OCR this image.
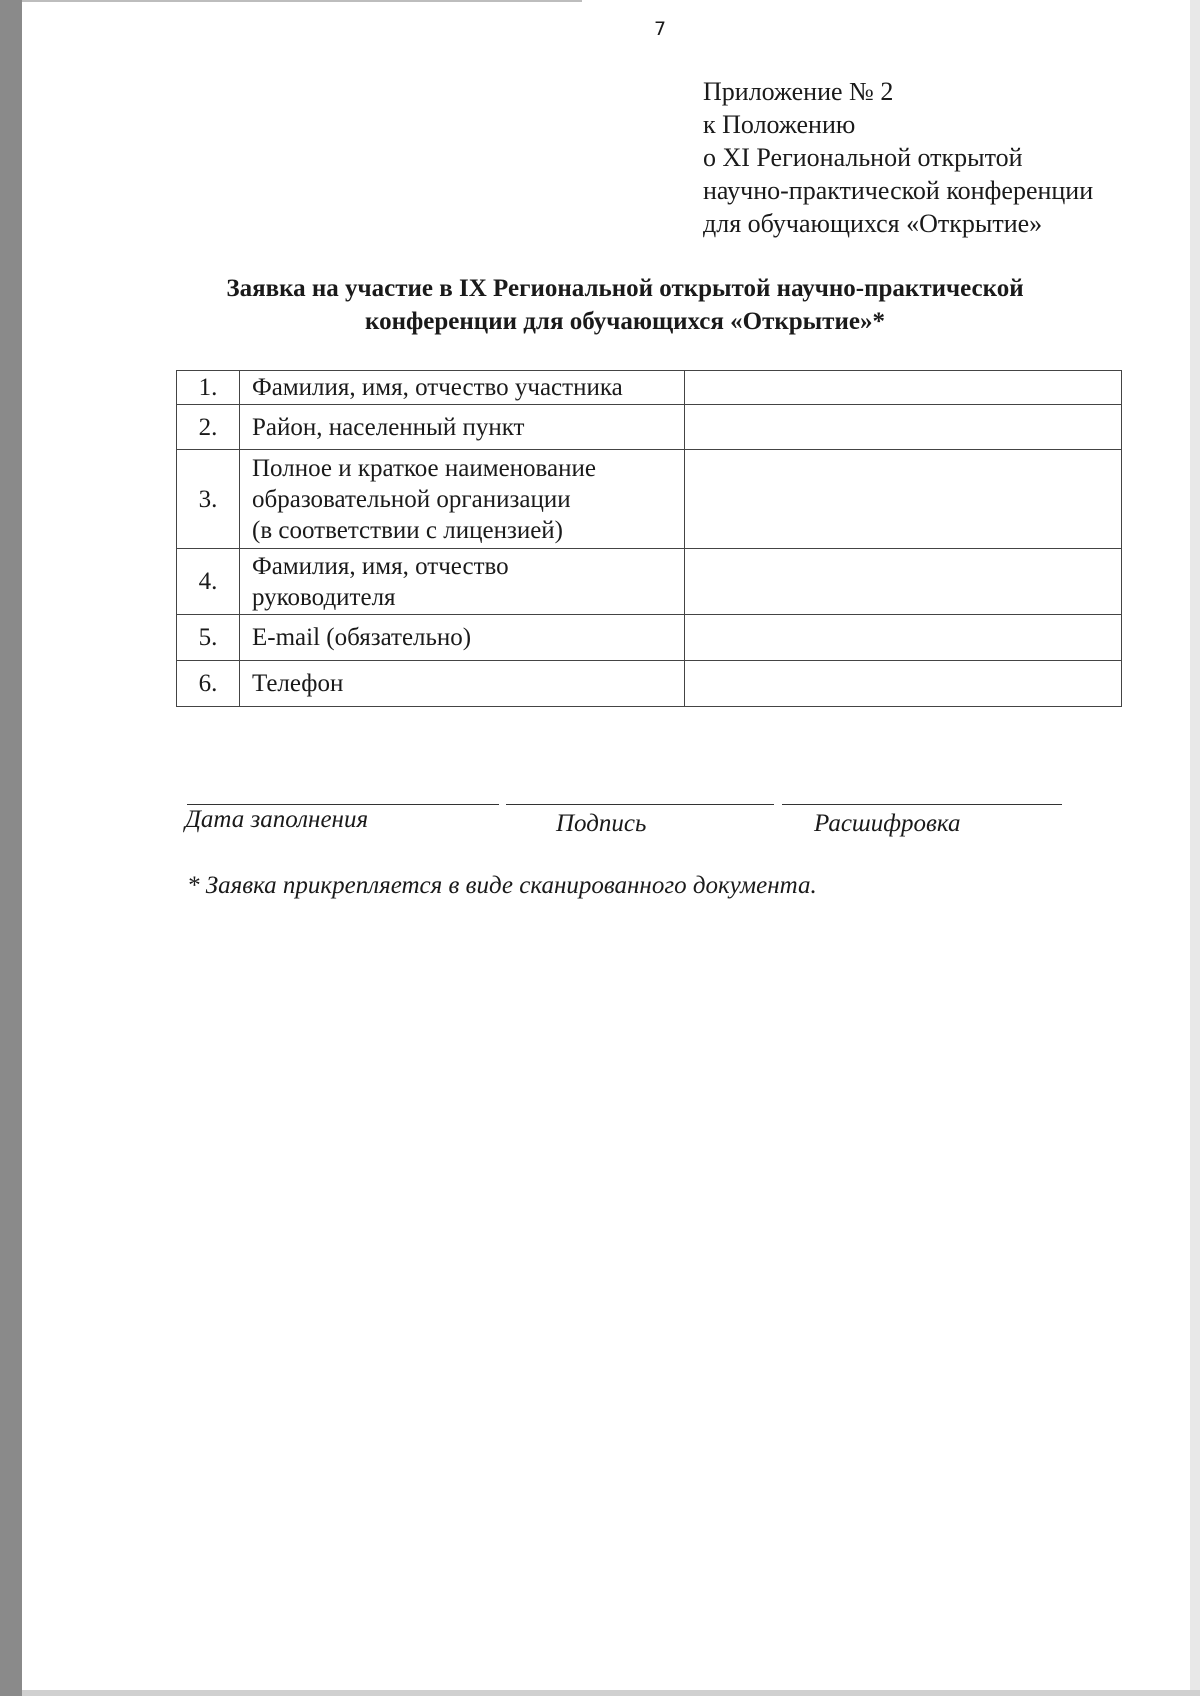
7
Приложение № 2
к Положению
о XI Региональной открытой
научно-практической конференции
для обучающихся «Открытие»
Заявка на участие в IX Региональной открытой научно-практической
конференции для обучающихся «Открытие»*
1.	Фамилия, имя, отчество участника	

2.	Район, населенный пункт	

3.	Полное и краткое наименование
образовательной организации
(в соответствии с лицензией)	

4.	Фамилия, имя, отчество
руководителя	

5.	E-mail (обязательно)	

6.	Телефон	

Дата заполнения	Подпись	Расшифровка
* Заявка прикрепляется в виде сканированного документа.
